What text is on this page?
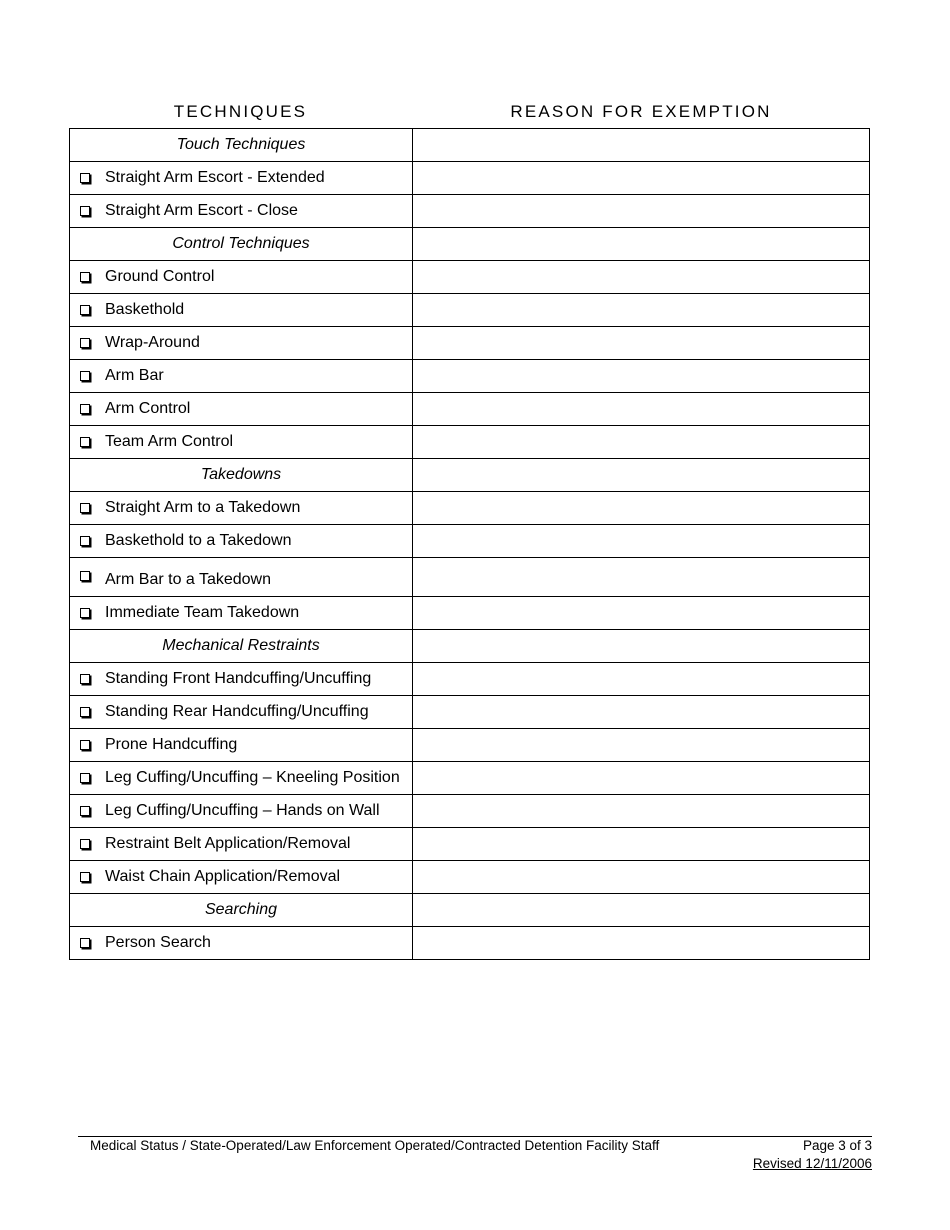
TECHNIQUES	REASON FOR EXEMPTION
Touch Techniques	

Straight Arm Escort - Extended	

Straight Arm Escort - Close	

Control Techniques	

Ground Control	

Baskethold	

Wrap-Around	

Arm Bar	

Arm Control	

Team Arm Control	

Takedowns	

Straight Arm to a Takedown	

Baskethold to a Takedown	

Arm Bar to a Takedown	

Immediate Team Takedown	

Mechanical Restraints	

Standing Front Handcuffing/Uncuffing	

Standing Rear Handcuffing/Uncuffing	

Prone Handcuffing	

Leg Cuffing/Uncuffing – Kneeling Position	

Leg Cuffing/Uncuffing – Hands on Wall	

Restraint Belt Application/Removal	

Waist Chain Application/Removal	

Searching	

Person Search	

Medical Status / State-Operated/Law Enforcement Operated/Contracted Detention Facility Staff	Page 3 of 3
Revised 12/11/2006
